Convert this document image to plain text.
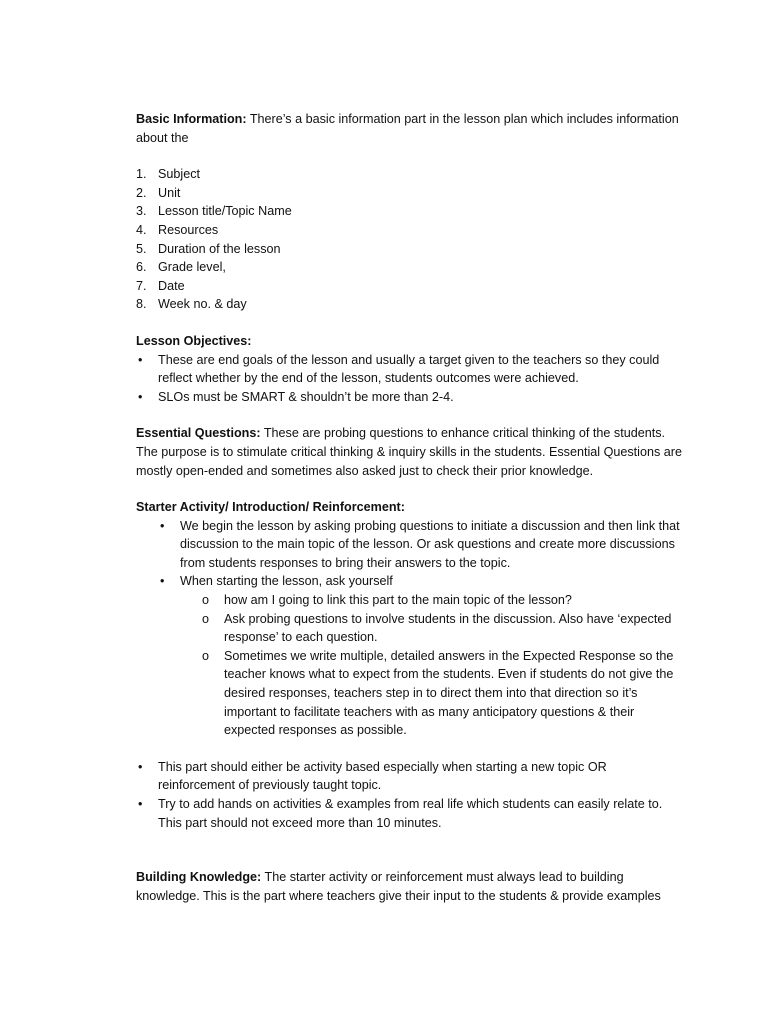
Basic Information: There’s a basic information part in the lesson plan which includes information about the

1. Subject
2. Unit
3. Lesson title/Topic Name
4. Resources
5. Duration of the lesson
6. Grade level,
7. Date
8. Week no. & day

Lesson Objectives:

• These are end goals of the lesson and usually a target given to the teachers so they could reflect whether by the end of the lesson, students outcomes were achieved.
• SLOs must be SMART & shouldn’t be more than 2-4.

Essential Questions: These are probing questions to enhance critical thinking of the students. The purpose is to stimulate critical thinking & inquiry skills in the students. Essential Questions are mostly open-ended and sometimes also asked just to check their prior knowledge.

Starter Activity/ Introduction/ Reinforcement:

• We begin the lesson by asking probing questions to initiate a discussion and then link that discussion to the main topic of the lesson. Or ask questions and create more discussions from students responses to bring their answers to the topic.
• When starting the lesson, ask yourself
o how am I going to link this part to the main topic of the lesson?
o Ask probing questions to involve students in the discussion. Also have ‘expected response’ to each question.
o Sometimes we write multiple, detailed answers in the Expected Response so the teacher knows what to expect from the students. Even if students do not give the desired responses, teachers step in to direct them into that direction so it’s important to facilitate teachers with as many anticipatory questions & their expected responses as possible.
• This part should either be activity based especially when starting a new topic OR reinforcement of previously taught topic.
• Try to add hands on activities & examples from real life which students can easily relate to. This part should not exceed more than 10 minutes.

Building Knowledge: The starter activity or reinforcement must always lead to building knowledge. This is the part where teachers give their input to the students & provide examples
